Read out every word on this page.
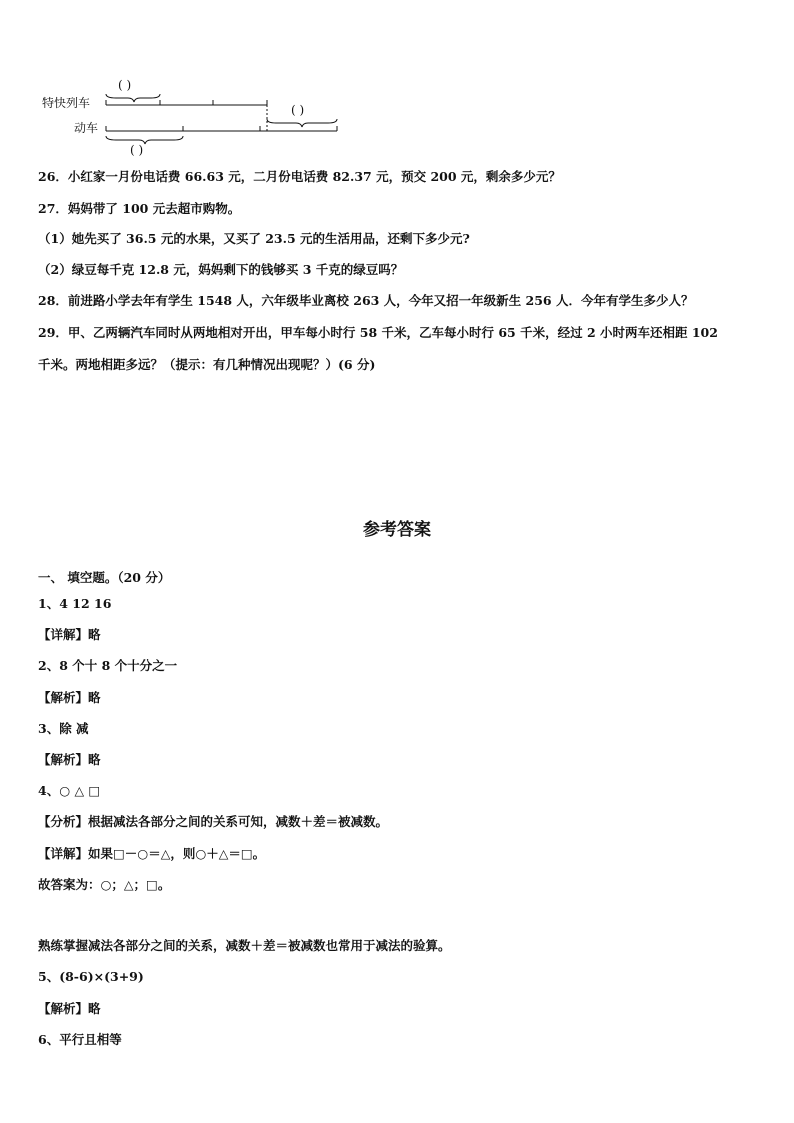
( )
特快列车	( )
动车
( )
26．小红家一月份电话费 66.63 元，二月份电话费 82.37 元，预交 200 元，剩余多少元？
27．妈妈带了 100 元去超市购物。
（1）她先买了 36.5 元的水果，又买了 23.5 元的生活用品，还剩下多少元?
（2）绿豆每千克 12.8 元，妈妈剩下的钱够买 3 千克的绿豆吗？
28．前进路小学去年有学生 1548 人，六年级毕业离校 263 人，今年又招一年级新生 256 人．今年有学生多少人？
29．甲、乙两辆汽车同时从两地相对开出，甲车每小时行 58 千米，乙车每小时行 65 千米，经过 2 小时两车还相距 102
千米。两地相距多远？（提示：有几种情况出现呢？）(6 分)
参考答案
一、 填空题。（20 分）
1、4 12 16
【详解】略
2、8 个十 8 个十分之一
【解析】略
3、除 减
【解析】略
4、○ △ □
【分析】根据减法各部分之间的关系可知，减数＋差＝被减数。
【详解】如果□－○＝△，则○＋△＝□。
故答案为：○；△；□。
熟练掌握减法各部分之间的关系，减数＋差＝被减数也常用于减法的验算。
5、(8-6)×(3+9)
【解析】略
6、平行且相等
